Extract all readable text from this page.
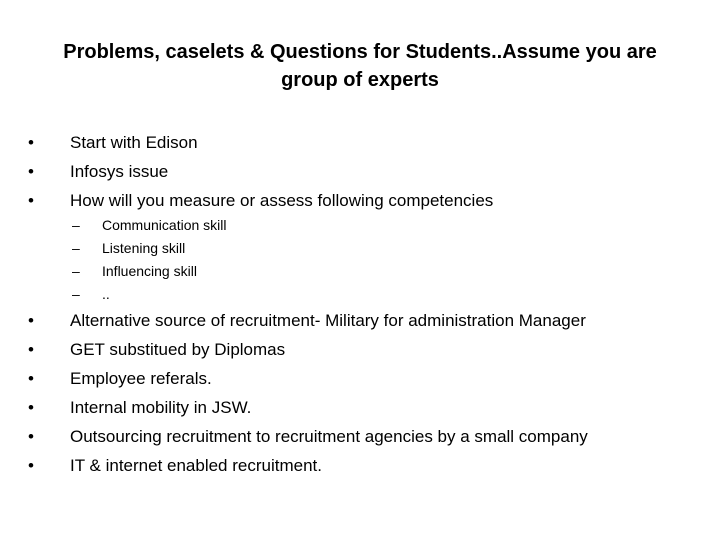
Problems, caselets & Questions for Students..Assume you are group of experts
•	Start with Edison
•	Infosys issue
•	How will you measure or assess following competencies
– Communication skill
– Listening skill
– Influencing skill
– ..
•	Alternative source of recruitment- Military for administration Manager
•	GET substitued by Diplomas
•	Employee referals.
•	Internal mobility in JSW.
•	Outsourcing recruitment to recruitment agencies by a small company
•	IT & internet enabled recruitment.
